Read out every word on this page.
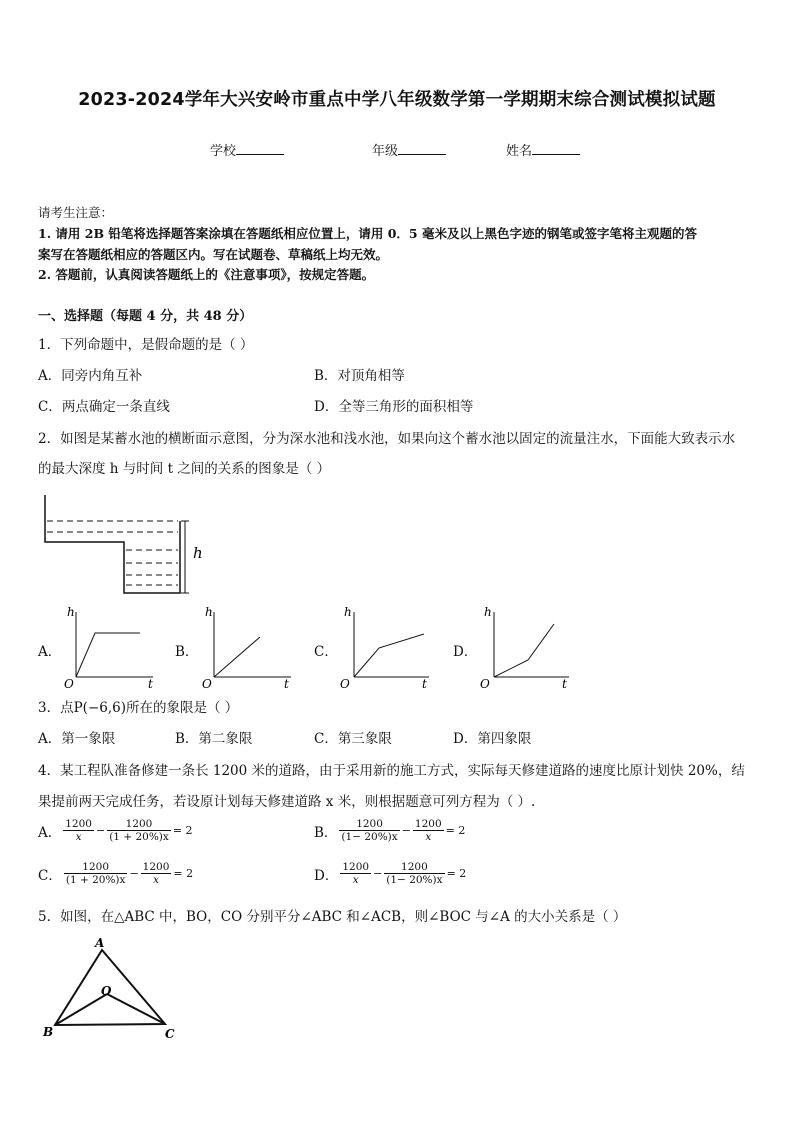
2023-2024学年大兴安岭市重点中学八年级数学第一学期期末综合测试模拟试题
学校	年级	姓名
请考生注意：
1. 请用 2B 铅笔将选择题答案涂填在答题纸相应位置上，请用 0．5 毫米及以上黑色字迹的钢笔或签字笔将主观题的答
案写在答题纸相应的答题区内。写在试题卷、草稿纸上均无效。
2. 答题前，认真阅读答题纸上的《注意事项》，按规定答题。
一、选择题（每题 4 分，共 48 分）
1．下列命题中，是假命题的是（ ）
A．同旁内角互补	B．对顶角相等
C．两点确定一条直线	D．全等三角形的面积相等
2．如图是某蓄水池的横断面示意图，分为深水池和浅水池，如果向这个蓄水池以固定的流量注水，下面能大致表示水
的最大深度 h 与时间 t 之间的关系的图象是（ ）
h
A．
h
t
O
B．
h
t
O
C．
h
t
O
D．
h
t
O
3．点P(−6,6)所在的象限是（ ）
A．第一象限	B．第二象限	C．第三象限	D．第四象限
4．某工程队准备修建一条长 1200 米的道路，由于采用新的施工方式，实际每天修建道路的速度比原计划快 20%，结
果提前两天完成任务，若设原计划每天修建道路 x 米，则根据题意可列方程为（ ）.
A． $\frac{1200}{x} - \frac{1200}{(1 + 20\%)x} = 2$	B． $\frac{1200}{(1- 20\%)x} - \frac{1200}{x} = 2$
C． $\frac{1200}{(1 + 20\%)x} - \frac{1200}{x} = 2$	D． $\frac{1200}{x} - \frac{1200}{(1- 20\%)x} = 2$
5．如图，在△ABC 中，BO，CO 分别平分∠ABC 和∠ACB，则∠BOC 与∠A 的大小关系是（ ）
A
B	C
O
